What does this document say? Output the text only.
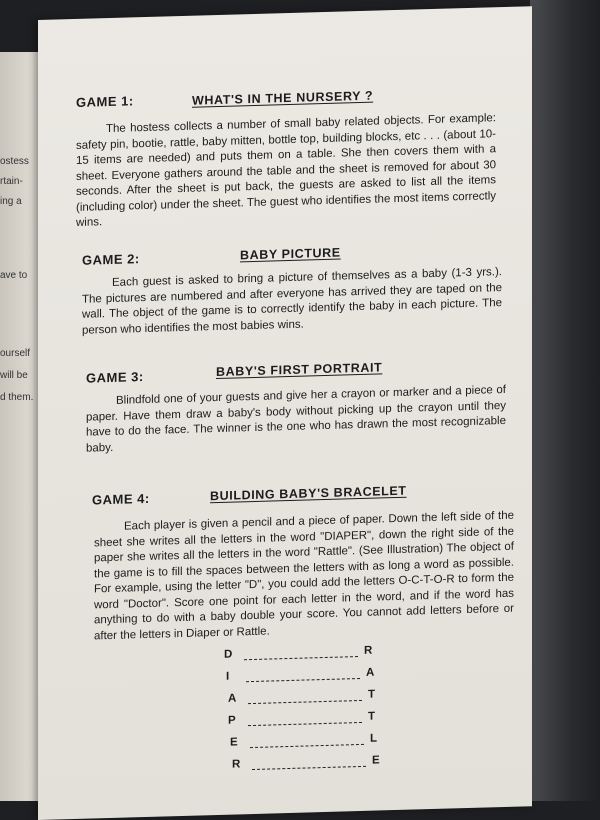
ostess
rtain-
ing a
ave to
ourself
will be
d them.
GAME 1:	WHAT'S IN THE NURSERY ?
The hostess collects a number of small baby related objects. For example: safety pin, bootie, rattle, baby mitten, bottle top, building blocks, etc . . . (about 10-15 items are needed) and puts them on a table. She then covers them with a sheet. Everyone gathers around the table and the sheet is removed for about 30 seconds. After the sheet is put back, the guests are asked to list all the items (including color) under the sheet. The guest who identifies the most items correctly wins.
GAME 2:	BABY PICTURE
Each guest is asked to bring a picture of themselves as a baby (1-3 yrs.). The pictures are numbered and after everyone has arrived they are taped on the wall. The object of the game is to correctly identify the baby in each picture. The person who identifies the most babies wins.
GAME 3:	BABY'S FIRST PORTRAIT
Blindfold one of your guests and give her a crayon or marker and a piece of paper. Have them draw a baby's body without picking up the crayon until they have to do the face. The winner is the one who has drawn the most recognizable baby.
GAME 4:	BUILDING BABY'S BRACELET
Each player is given a pencil and a piece of paper. Down the left side of the sheet she writes all the letters in the word "DIAPER", down the right side of the paper she writes all the letters in the word "Rattle". (See Illustration) The object of the game is to fill the spaces between the letters with as long a word as possible. For example, using the letter "D", you could add the letters O-C-T-O-R to form the word "Doctor". Score one point for each letter in the word, and if the word has anything to do with a baby double your score. You cannot add letters before or after the letters in Diaper or Rattle.
D	R
I	A
A	T
P	T
E	L
R	E
